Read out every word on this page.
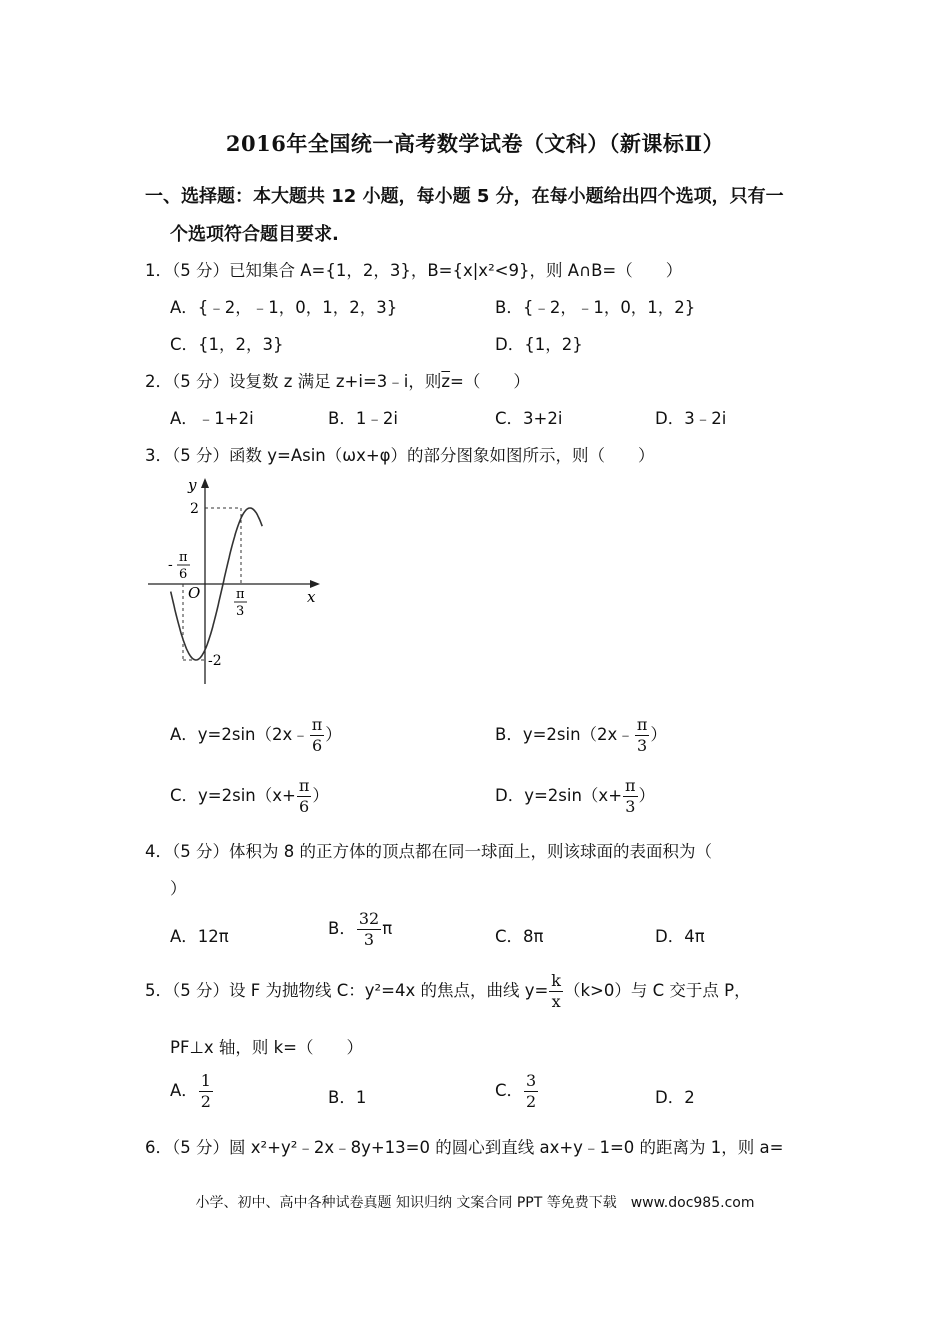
2016年全国统一高考数学试卷（文科）（新课标Ⅱ）
一、选择题：本大题共 12 小题，每小题 5 分，在每小题给出四个选项，只有一
个选项符合题目要求.
1．（5 分）已知集合 A={1，2，3}，B={x|x²<9}，则 A∩B=（　　）
A．{﹣2，﹣1，0，1，2，3}	B．{﹣2，﹣1，0，1，2}
C．{1，2，3}	D．{1，2}
2．（5 分）设复数 z 满足 z+i=3﹣i，则$\overline{z}=$（　　）
A．﹣1+2i	B．1﹣2i	C．3+2i	D．3﹣2i
3．（5 分）函数 y=Asin（ωx+φ）的部分图象如图所示，则（　　）
y
x
O
2
-2
- π
6
π
3
A．y=2sin（2x﹣ $\frac{\pi}{6}$ ）	B．y=2sin（2x﹣ $\frac{\pi}{3}$ ）
C．$y=2\sin(x+ \frac{\pi}{6}$ ）	D．$y=2\sin(x+ \frac{\pi}{3}$ ）
4．（5 分）体积为 8 的正方体的顶点都在同一球面上，则该球面的表面积为（
）
A．12π	B． $\frac{32}{3}$ π	C．8π	D．4π
5．（5 分）设 F 为抛物线 C：y²=4x 的焦点，曲线 $y= \frac{k}{x} (k>0)$与 C 交于点 P，
PF⊥x 轴，则 k=（　　）
A． $\frac{1}{2}$	B．1	C． $\frac{3}{2}$	D．2
6．（5 分）圆 x²+y²﹣2x﹣8y+13=0 的圆心到直线 ax+y﹣1=0 的距离为 1，则 a=
小学、初中、高中各种试卷真题 知识归纳 文案合同 PPT 等免费下载　www.doc985.com
